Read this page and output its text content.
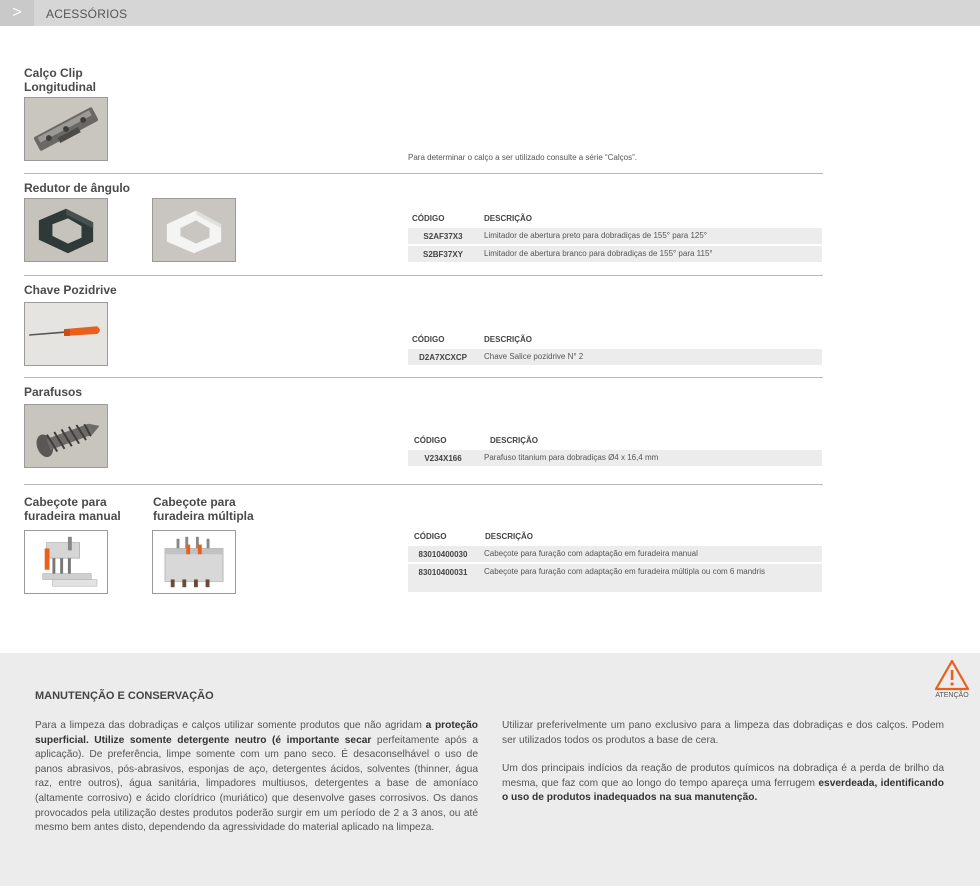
>	ACESSÓRIOS
Calço Clip
Longitudinal
Para determinar o calço a ser utilizado consulte a série “Calços”.
Redutor de ângulo
CÓDIGO	DESCRIÇÃO
S2AF37X3	Limitador de abertura preto para dobradiças de 155° para 125°
S2BF37XY	Limitador de abertura branco para dobradiças de 155° para 115°
Chave Pozidrive
CÓDIGO	DESCRIÇÃO
D2A7XCXCP	Chave Salice pozidrive N° 2
Parafusos
CÓDIGO	DESCRIÇÃO
V234X166	Parafuso titanium para dobradiças Ø4 x 16,4 mm
Cabeçote para
furadeira manual
Cabeçote para
furadeira múltipla
CÓDIGO	DESCRIÇÃO
83010400030	Cabeçote para furação com adaptação em furadeira manual
83010400031	Cabeçote para furação com adaptação em furadeira múltipla ou com 6 mandris
ATENÇÃO
MANUTENÇÃO E CONSERVAÇÃO

Para a limpeza das dobradiças e calços utilizar somente produtos que não agridam a proteção superficial. Utilize somente detergente neutro (é importante secar perfeitamente após a aplicação). De preferência, limpe somente com um pano seco. É desaconselhável o uso de panos abrasivos, pós-abrasivos, esponjas de aço, detergentes ácidos, solventes (thinner, água raz, entre outros), água sanitária, limpadores multiusos, detergentes a base de amoníaco (altamente corrosivo) e ácido clorídrico (muriático) que desenvolve gases corrosivos. Os danos provocados pela utilização destes produtos poderão surgir em um período de 2 a 3 anos, ou até mesmo bem antes disto, dependendo da agressividade do material aplicado na limpeza.

Utilizar preferivelmente um pano exclusivo para a limpeza das dobradiças e dos calços. Podem ser utilizados todos os produtos a base de cera.

Um dos principais indícios da reação de produtos químicos na dobradiça é a perda de brilho da mesma, que faz com que ao longo do tempo apareça uma ferrugem esverdeada, identificando o uso de produtos inadequados na sua manutenção.
